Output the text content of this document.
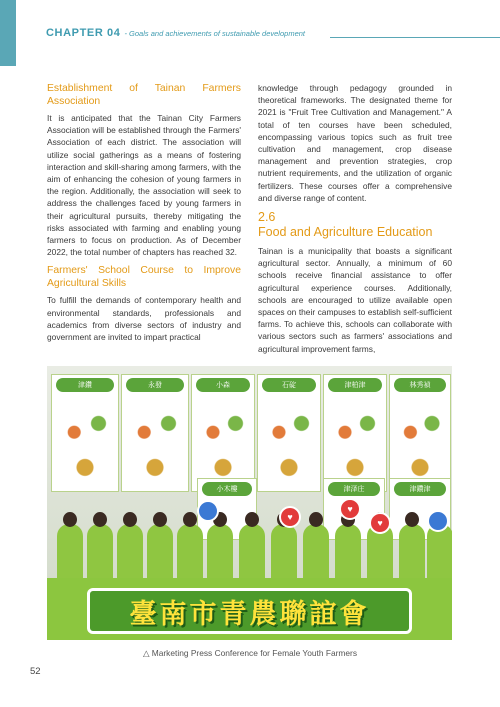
CHAPTER 04 - Goals and achievements of sustainable development
Establishment of Tainan Farmers Association

It is anticipated that the Tainan City Farmers Association will be established through the Farmers' Association of each district. The association will utilize social gatherings as a means of fostering interaction and skill-sharing among farmers, with the aim of enhancing the cohesion of young farmers in the region. Additionally, the association will seek to address the challenges faced by young farmers in their agricultural pursuits, thereby mitigating the risks associated with farming and enabling young farmers to focus on production. As of December 2022, the total number of chapters has reached 32.

Farmers' School Course to Improve Agricultural Skills

To fulfill the demands of contemporary health and environmental standards, professionals and academics from diverse sectors of industry and government are invited to impart practical

knowledge through pedagogy grounded in theoretical frameworks. The designated theme for 2021 is "Fruit Tree Cultivation and Management." A total of ten courses have been scheduled, encompassing various topics such as fruit tree cultivation and management, crop disease management and prevention strategies, crop nutrient requirements, and the utilization of organic fertilizers. These courses offer a comprehensive and diverse range of content.

2.6
Food and Agriculture Education

Tainan is a municipality that boasts a significant agricultural sector. Annually, a minimum of 60 schools receive financial assistance to offer agricultural experience courses. Additionally, schools are encouraged to utilize available open spaces on their campuses to establish self-sufficient farms. To achieve this, schools can collaborate with various sectors such as farmers' associations and agricultural improvement farms,

津鑽	永發	小森	石碇	津柏津	林秀禎
小木樓	津泽庄	津鑽津
♥
♥
♥
臺南市青農聯誼會
△ Marketing Press Conference for Female Youth Farmers
52
